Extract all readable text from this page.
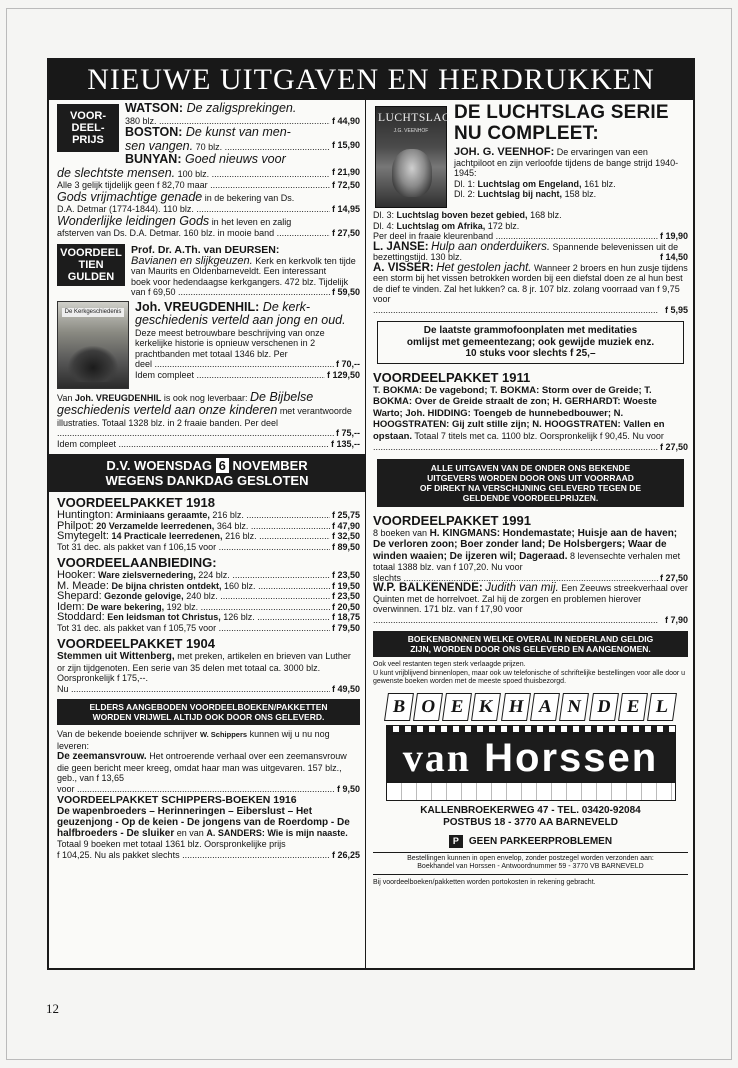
NIEUWE UITGAVEN EN HERDRUKKEN
VOOR-
DEEL-
PRIJS
WATSON: De zaligsprekingen.
380 blz. .....	f 44,90
BOSTON: De kunst van men-
sen vangen. 70 blz. .....	f 15,90
BUNYAN: Goed nieuws voor
de slechtste mensen. 100 blz. .....	f 21,90
Alle 3 gelijk tijdelijk geen f 82,70 maar .....	f 72,50
Gods vrijmachtige genade in de bekering van Ds.
D.A. Detmar (1774-1844). 110 blz. .....	f 14,95
Wonderlijke leidingen Gods in het leven en zalig
afsterven van Ds. D.A. Detmar. 160 blz. in mooie band .....	f 27,50
VOORDEEL
TIEN
GULDEN
Prof. Dr. A.Th. van DEURSEN:
Bavianen en slijkgeuzen. Kerk en kerkvolk ten tijde van Maurits en Oldenbarneveldt. Een interessant
boek voor hedendaagse kerkgangers. 472 blz. Tijdelijk
van f 69,50 .....	f 59,50
De Kerkgeschiedenis	Joh. VREUGDENHIL: De kerk-geschiedenis verteld aan jong en oud.
Deze meest betrouwbare beschrijving van onze kerkelijke historie is opnieuw verschenen in 2 prachtbanden met totaal 1346 blz. Per
deel .....	f 70,--
Idem compleet .....	f 129,50
Van Joh. VREUGDENHIL is ook nog leverbaar: De Bijbelse geschiedenis verteld aan onze kinderen met verantwoorde illustraties. Totaal 1328 blz. in 2 fraaie banden. Per deel
.....
f 75,--
Idem compleet .....	f 135,--
D.V. WOENSDAG 6 NOVEMBER
WEGENS DANKDAG GESLOTEN
VOORDEELPAKKET 1918
Huntington: Arminiaans geraamte, 216 blz. .....	f 25,75
Philpot: 20 Verzamelde leerredenen, 364 blz. .....	f 47,90
Smytegelt: 14 Practicale leerredenen, 216 blz. .....	f 32,50
Tot 31 dec. als pakket van f 106,15 voor .....	f 89,50
VOORDEELAANBIEDING:
Hooker: Ware zielsvernedering, 224 blz. .....	f 23,50
M. Meade: De bijna christen ontdekt, 160 blz. .....	f 19,50
Shepard: Gezonde gelovige, 240 blz. .....	f 23,50
Idem: De ware bekering, 192 blz. .....	f 20,50
Stoddard: Een leidsman tot Christus, 126 blz. .....	f 18,75
Tot 31 dec. als pakket van f 105,75 voor .....	f 79,50
VOORDEELPAKKET 1904
Stemmen uit Wittenberg, met preken, artikelen en brieven van Luther or zijn tijdgenoten. Een serie van 35 delen met totaal ca. 3000 blz. Oorspronkelijk f 175,--.
Nu .....	f 49,50
ELDERS AANGEBODEN VOORDEELBOEKEN/PAKKETTEN
WORDEN VRIJWEL ALTIJD OOK DOOR ONS GELEVERD.
Van de bekende boeiende schrijver W. Schippers kunnen wij u nu nog leveren:
De zeemansvrouw. Het ontroerende verhaal over een zeemansvrouw die geen bericht meer kreeg, omdat haar man was uitgevaren. 157 blz., geb., van f 13,65
voor .....	f 9,50
VOORDEELPAKKET SCHIPPERS-BOEKEN 1916
De wapenbroeders – Herinneringen – Eiberslust – Het geuzenjong - Op de keien - De jongens van de Roerdomp - De halfbroeders - De sluiker en van A. SANDERS: Wie is mijn naaste. Totaal 9 boeken met totaal 1361 blz. Oorspronkelijke prijs
f 104,25. Nu als pakket slechts .....	f 26,25
LUCHTSLAG
J.G. VEENHOF
DE LUCHTSLAG SERIE
NU COMPLEET:
JOH. G. VEENHOF: De ervaringen van een jachtpiloot en zijn verloofde tijdens de bange strijd 1940-1945:
Dl. 1: Luchtslag om Engeland, 161 blz.
Dl. 2: Luchtslag bij nacht, 158 blz.
Dl. 3: Luchtslag boven bezet gebied, 168 blz.
Dl. 4: Luchtslag om Afrika, 172 blz.
Per deel in fraaie kleurenband .....	f 19,90
L. JANSE: Hulp aan onderduikers. Spannende belevenissen uit de bezettingstijd. 130 blz.	f 14,50
A. VISSER: Het gestolen jacht. Wanneer 2 broers en hun zusje tijdens een storm bij het vissen betrokken worden bij een diefstal doen ze al hun best de dief te vinden. Zal het lukken? ca. 8 jr. 107 blz. zolang voorraad van f 9,75 voor
.....
f 5,95
De laatste grammofoonplaten met meditaties
omlijst met gemeentezang; ook gewijde muziek enz.
10 stuks voor slechts f 25,–
VOORDEELPAKKET 1911
T. BOKMA: De vagebond; T. BOKMA: Storm over de Greide; T. BOKMA: Over de Greide straalt de zon; H. GERHARDT: Woeste Warto; Joh. HIDDING: Toengeb de hunnebedbouwer; N. HOOGSTRATEN: Gij zult stille zijn; N. HOOGSTRATEN: Vallen en opstaan. Totaal 7 titels met ca. 1100 blz. Oorspronkelijk f 90,45. Nu voor
.....
f 27,50
ALLE UITGAVEN VAN DE ONDER ONS BEKENDE
UITGEVERS WORDEN DOOR ONS UIT VOORRAAD
OF DIREKT NA VERSCHIJNING GELEVERD TEGEN DE
GELDENDE VOORDEELPRIJZEN.
VOORDEELPAKKET 1991
8 boeken van H. KINGMANS: Hondemastate; Huisje aan de haven; De verloren zoon; Boer zonder land; De Holsbergers; Waar de winden waaien; De ijzeren wil; Dageraad. 8 levensechte verhalen met totaal 1388 blz. van f 107,20. Nu voor
slechts .....	f 27,50
W.P. BALKENENDE: Judith van mij. Een Zeeuws streekverhaal over Quinten met de horrelvoet. Zal hij de zorgen en problemen hierover overwinnen. 171 blz. van f 17,90 voor
.....
f 7,90
BOEKENBONNEN WELKE OVERAL IN NEDERLAND GELDIG
ZIJN, WORDEN DOOR ONS GELEVERD EN AANGENOMEN.
Ook veel restanten tegen sterk verlaagde prijzen.
U kunt vrijblijvend binnenlopen, maar ook uw telefonische of schriftelijke bestellingen voor alle door u gewenste boeken worden met de meeste spoed thuisbezorgd.
B O E K H A N D E L
van Horssen
KALLENBROEKERWEG 47 - TEL. 03420-92084
POSTBUS 18 - 3770 AA BARNEVELD
P GEEN PARKEERPROBLEMEN
Bestellingen kunnen in open envelop, zonder postzegel worden verzonden aan:
Boekhandel van Horssen - Antwoordnummer 59 - 3770 VB BARNEVELD
Bij voordeelboeken/pakketten worden portokosten in rekening gebracht.
12
